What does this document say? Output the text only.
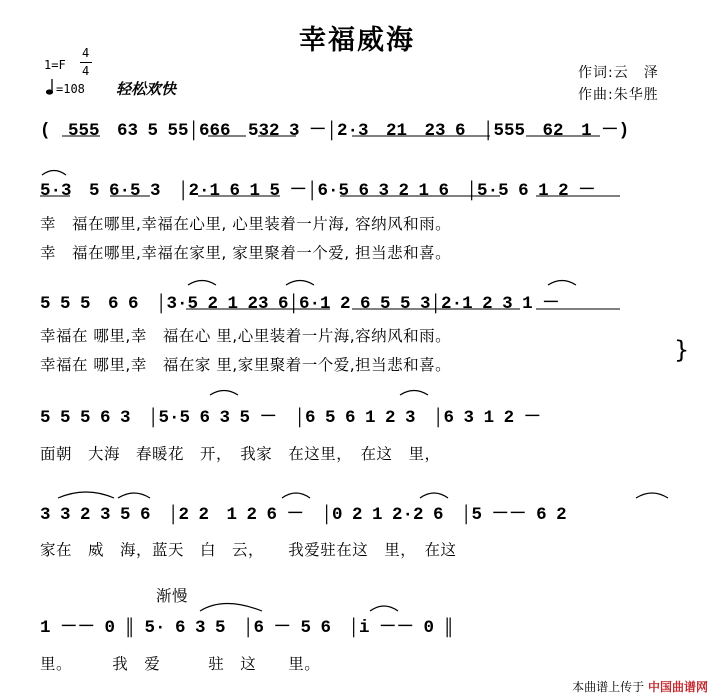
幸福威海
1=F
4
4
=108 轻松欢快
作词:云　泽
作曲:朱华胜
(　555　63 5 55│666　532 3 －│2·3　21　23 6　│555　62　1 －)
5·3　5 6·5 3　│2·1 6 1 5 －│6·5 6 3 2 1 6　│5·5 6 1 2 －
幸　福在哪里,幸福在心里, 心里装着一片海, 容纳风和雨。
幸　福在哪里,幸福在家里, 家里聚着一个爱, 担当悲和喜。
5 5 5　6 6　│3·5 2 1 23 6│6·1 2 6 5 5 3│2·1 2 3 1 －
幸福在 哪里,幸　福在心 里,心里装着一片海,容纳风和雨。
幸福在 哪里,幸　福在家 里,家里聚着一个爱,担当悲和喜。
}
5 5 5 6 3　│5·5 6 3 5 －　│6 5 6 1 2 3　│6 3 1 2 －
面朝　大海　春暖花　开，　我家　在这里，　在这　里，
3 3 2 3 5 6　│2 2　1 2 6 －　│0 2 1 2·2 6　│5 －－ 6 2
家在　威　海，蓝天　白　云，　　我爱驻在这　里，　在这
渐慢
1 －－ 0 ║ 5· 6 3 5　│6 － 5 6　│i －－ 0 ║
里。　　　我　爱　　　驻　这　　里。
本曲谱上传于 中国曲谱网
